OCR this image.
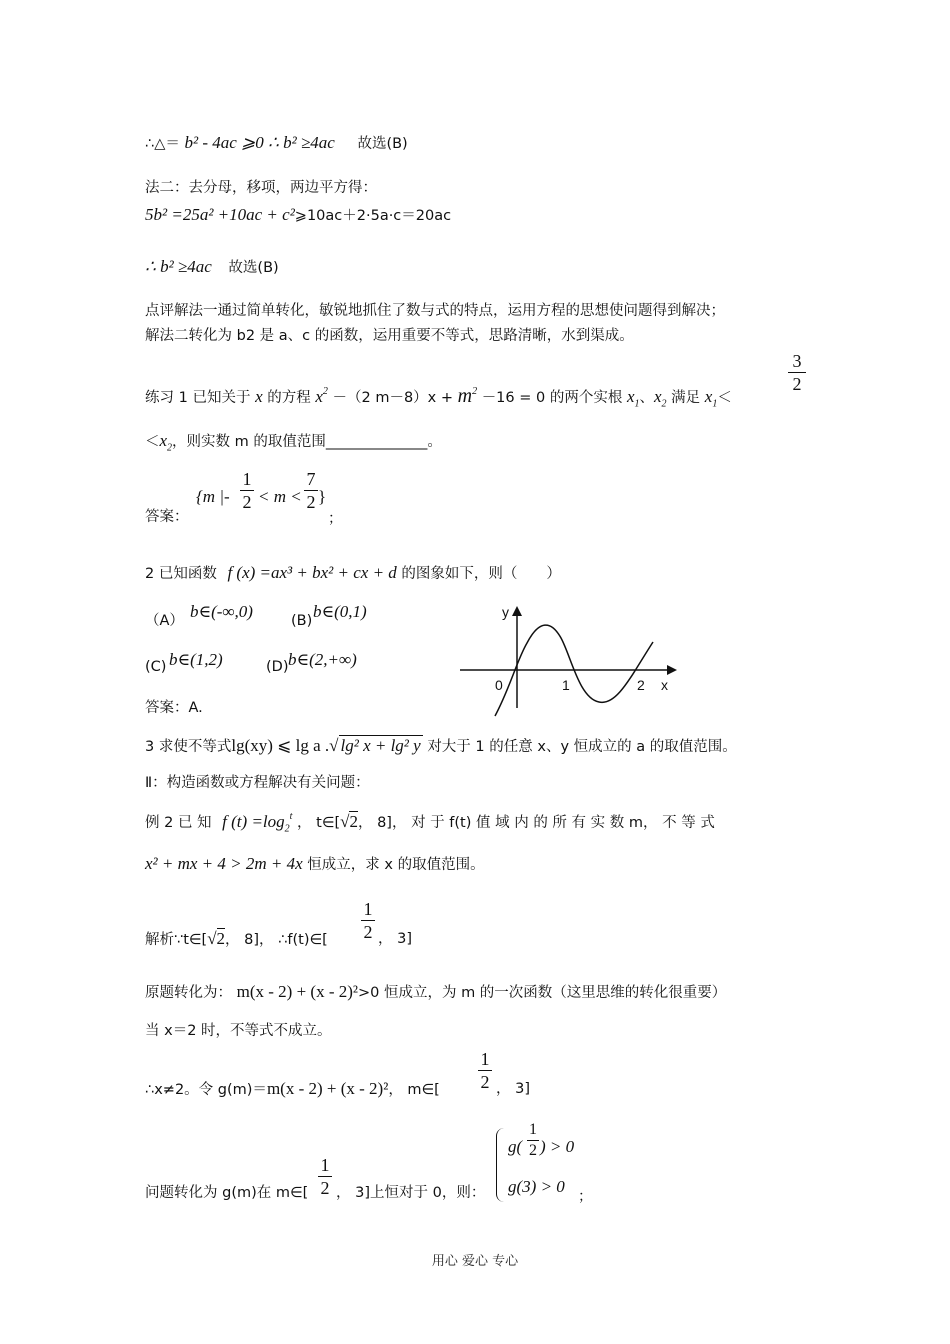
∴△＝ b² - 4ac ⩾0 ∴ b² ≥4ac 故选(B)
法二：去分母，移项，两边平方得：
5b² =25a² +10ac + c²⩾10ac＋2·5a·c＝20ac
∴ b² ≥4ac 故选(B)
点评解法一通过简单转化，敏锐地抓住了数与式的特点，运用方程的思想使问题得到解决；
解法二转化为 b2 是 a、c 的函数，运用重要不等式，思路清晰，水到渠成。
练习 1 已知关于 x 的方程 $x^2 -(2$ $m-8)x + m^2 -16 = 0$ 的两个实根 $x_1$、$x_2$ 满足 $x_1<$
3
2
$<x_2$，则实数 m 的取值范围______________。
答案：
{m |-
1
2 < m <
7
2 }
；
2 已知函数 f (x) =ax³ + bx² + cx + d 的图象如下，则（　　）
（A） b∈(-∞,0)	(B) b∈(0,1)
(C) b∈(1,2)	(D) b∈(2,+∞)
y
x
0	1	2
答案：A.
3 求使不等式lg(xy) ⩽ lg a .√ lg² x + lg² y 对大于 1 的任意 x、y 恒成立的 a 的取值范围。
Ⅱ：构造函数或方程解决有关问题：
例 2 已 知 f $(t) =\log_2^t$ ， t∈[√2， 8]， 对 于 f(t) 值 域 内 的 所 有 实 数 m， 不 等 式
x² + mx + 4 > 2m + 4x 恒成立，求 x 的取值范围。
解析∵t∈[√2， 8]， ∴f(t)∈[
1
2 ， 3]
原题转化为： m(x - 2) + (x - 2)²>0 恒成立，为 m 的一次函数（这里思维的转化很重要）
当 x＝2 时，不等式不成立。
∴x≠2。令 g(m)＝m(x - 2) + (x - 2)²， m∈[
1
2 ， 3]
问题转化为 g(m)在 m∈[
1
2 ， 3]上恒对于 0，则：
g(
1
2 ) > 0
g(3) > 0
；
用心 爱心 专心
